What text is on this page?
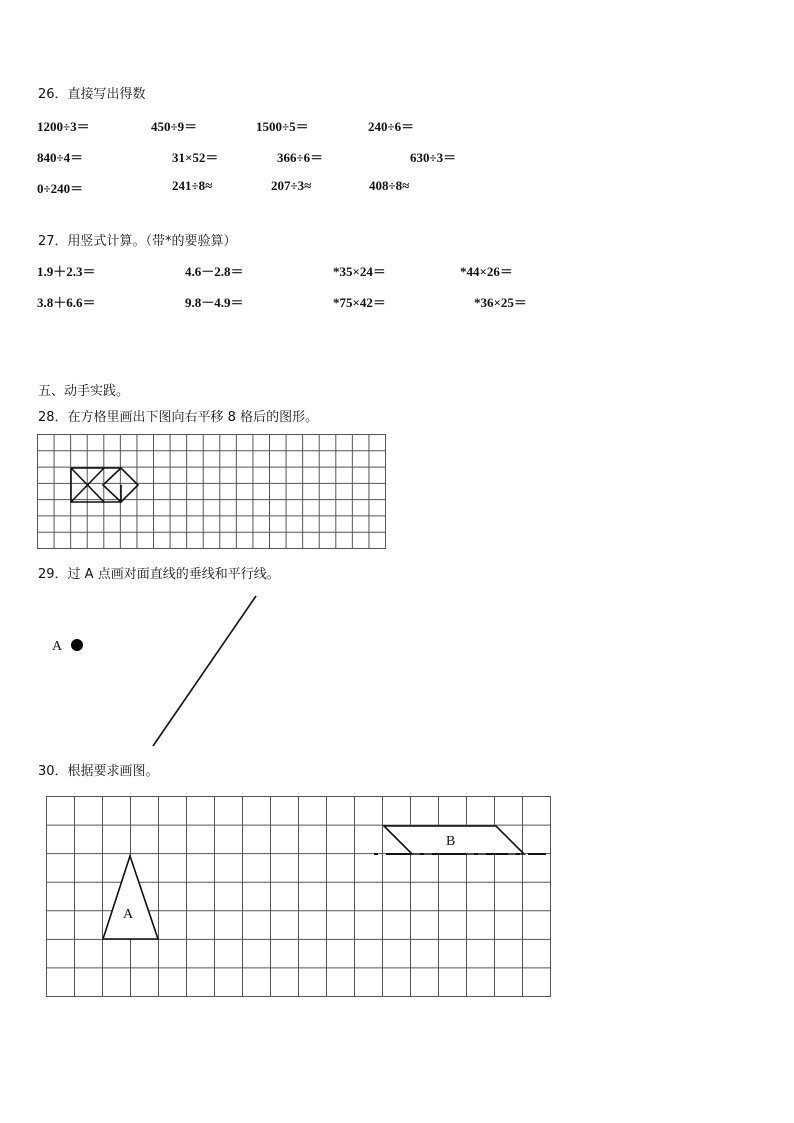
26．直接写出得数
1200÷3＝	450÷9＝	1500÷5＝	240÷6＝
840÷4＝	31×52＝	366÷6＝	630÷3＝
0÷240＝	241÷8≈	207÷3≈	408÷8≈
27．用竖式计算。（带*的要验算）
1.9＋2.3＝	4.6－2.8＝	*35×24＝	*44×26＝
3.8＋6.6＝	9.8－4.9＝	*75×42＝	*36×25＝
五、动手实践。
28．在方格里画出下图向右平移 8 格后的图形。
29．过 A 点画对面直线的垂线和平行线。
A
30．根据要求画图。
A
B
